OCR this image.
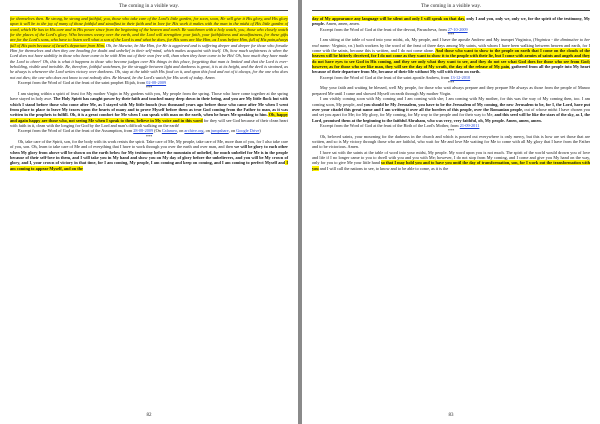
The coming in a visible way.

for themselves then. Be strong, be strong and faithful, you, those who take care of the Lord's little garden, for soon, soon, He will give it His glory, and His glory upon it will be to the joy of many of those faithful and steadfast in their faith and in love for His work it makes with the man in the midst of His little garden of word, which He has in His care and in His power since from the beginning of the heaven and earth. Be watchmen with a holy watch, you, those who closely watch for the places of the Lord's glory. Who becomes weary over the earth, and the Lord will strengthen your faith, your faithfulness and steadfastness, for these gifts are for the Lord's sons, who have to listen well what a son of the Lord is and what he does, for His sons are like Him, as I was before Him, full of His pain,always full of His pain because of Israel's departure from Him. Oh, be likewise, be like Him, for He is aggrieved and is suffering deeper and deeper for those who forsake Him for themselves and then they are heading for doubt and unbelief in their self-mind, which makes acquaint with itself. Oh, how much unfairness is when the Lord does not have stability in those who have come to be with Him out of their own free will, than when they have come to be His! Oh, how much they have made the Lord to cheer! Oh, this is what it happens to those who become judges over His things in this place, forgetting that man is limited and that the Lord is ever-beholding, visible and invisible. Be, therefore, faithful watchmen, for the struggle between light and darkness is great, it is at its height, and the devil is strained, as he always is whenever the Lord writes victory over darkness. Oh, stay at the table with His food on it, and upon this food and eat of it always, for the one who does not eat dies; the one who does not know to eat nobody dies. Be blessed, be the Lord's watch for His work of today. Amen.

Excerpt from the Word of God at the feast of the saint prophet Elijah, from 02-08-2009

***

I am staying within a spirit of feast for My mother Virgin in My gardens with you, My people from the spring. Those who have come together at the spring have stayed in holy awe. The Holy Spirit has caught power by their faith and touched many deep down in their being, and you are My little flock but with which I stand before those who come after Me, as I stayed with My little bunch (two thousand years ago before those who came after Me when I went from place to place to leave My traces upon the hearts of many and to prove Myself before them as true God coming from the Father to man, as it was written in the prophets to fulfill. Oh, it is a great comfort for Me when I can speak with man on the earth, when he hears Me speaking to him. Oh, happy and again happy are those who, not seeing Me when I speak to them, believe in My voice and in this word for they will see God because of their clean heart with faith in it, clean with the longing for God by the Lord and man's difficult walking on the earth!

Excerpt from the Word of God at the feast of the Assumption, from 28-08-2009 (On Calameo, on archive.org, on jumpshare, on Google Drive)

***

Oh, take care of the Spirit, son, for the body with its work resists the spirit. Take care of Me, My people, take care of Me, more than of you, for I also take care of you, son. Oh, learn to take care of Me and of everything that I have to work through you over the earth and over man, and then we will be glory to each other when My glory from above will be shown on the earth below for My testimony before the mountain of unbelief, for much unbelief for Me is in the people because of their self-love in them, and I will take you in My hand and show you on My day of glory before the unbelievers, and you will be My crown of glory, and I, your crown of victory in that time, for I am coming, My people, I am coming and keep on coming, and I am coming to perfect Myself and I am coming to appear Myself, and on the

82
The coming in a visible way.

day of My appearance any language will be silent and only I will speak on that day, only I and you, only we, only we, for the spirit of the testimony, My people. Amen, amen, amen.

Excerpt from the Word of God at the feast of the devout, Paraschevа, from 27-10-2009

***

I am sitting at the table of word into your midst, oh, My people, and I have the apostle Andrew and My trumpet Virginica, (Virginica - the diminutive to her real name: Virginia, r.n.) both workers by the word of the feast of three days among My saints, with whom I have been walking between heaven and earth, for I come with the saints, because this is written, and I do not come alone. And those who want to show to the people on earth that I come on the clouds of the heaven will be bitterly deceived, for I do not come as they want to show it to the people with their lie, but I come with armies of saints and angels and they do not have eyes to see God in His coming, and they see only what they want to see, and they do not see what God does for those who see from God; however, as for those who see like man, they will see the day of My wrath, the day of the release of My pain, gathered from all the people into My heart because of their departure from Me, because of their life without My will with them on earth.

Excerpt from the Word of God at the feast of the saint apostle Andrew, from 13-12-2010

***

May your faith and waiting be blessed, well My people, for those who wait always prepare and they prepare Me always as those from the people of Manoo prepared Me until I came and showed Myself on earth through My mother Virgin.

I am visibly coming soon with My coming and I am coming with she; I am coming with My mother, for this was the way of My coming then, too. I am coming soon, My people, and you should be My Jerusalem, you have to be the Jerusalem of My coming, the new Jerusalem to be, for I, the Lord, have put over your citadel this great name and I am writing it over all the borders of this people, over the Romanian people, out of whose midst I have chosen you and set you apart for Me; for My glory, for My coming, for My way to the people and for their way to Me, and this seed will be like the stars of the sky, as I, the Lord, promised them at the beginning to the faithful Abraham, who was very, very faithful, oh, My people. Amen, amen, amen.

Excerpt from the Word of God at the feast of the Birth of the Lord's Mother, from 21-09-2011

***

Oh, beloved saints, your mourning for the darkness in the church and which is poured out everywhere is only mercy, but this is how are set those that are written, and so is My victory through those who are faithful, who wait for Me and love Me waiting for Me to come with all My glory that I have from the Father and to be victorious. Amen.

I have sat with the saints at the table of word into your midst, My people. My word upon you is not much. The spirit of the world would drown you of love and life if I no longer came to you to dwell with you and you with Me; however, I do not stop from My coming, and I come and give you My hand on the way, only for you to give Me your little hand so that I may hold you and to have you until the day of transformation, son, for I work out the transformation with you and I will call the nations to see, to know and to be able to come, as it is the

83
